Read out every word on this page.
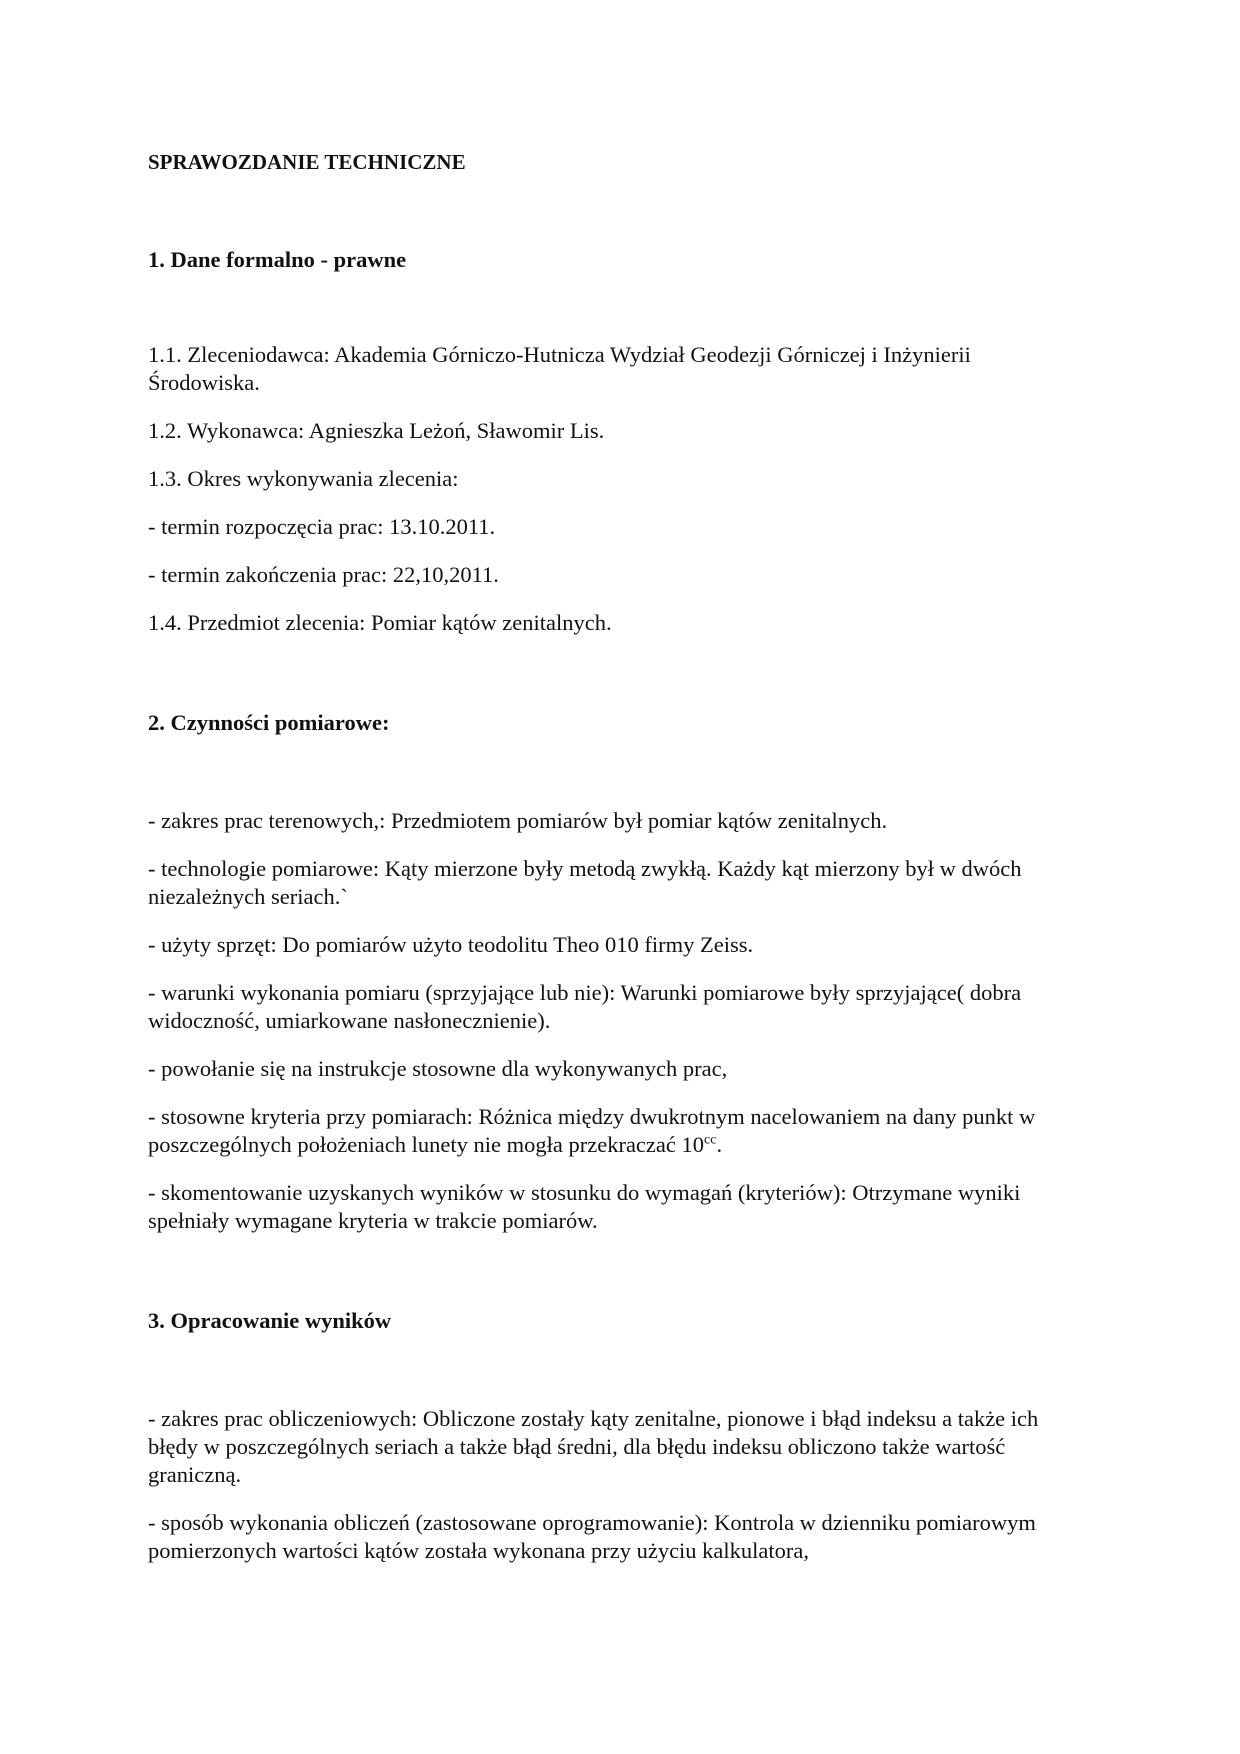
SPRAWOZDANIE TECHNICZNE
1. Dane formalno - prawne

1.1. Zleceniodawca: Akademia Górniczo-Hutnicza Wydział Geodezji Górniczej i Inżynierii Środowiska.

1.2. Wykonawca: Agnieszka Leżoń, Sławomir Lis.

1.3. Okres wykonywania zlecenia:

- termin rozpoczęcia prac: 13.10.2011.

- termin zakończenia prac: 22,10,2011.

1.4. Przedmiot zlecenia: Pomiar kątów zenitalnych.

2. Czynności pomiarowe:

- zakres prac terenowych,: Przedmiotem pomiarów był pomiar kątów zenitalnych.

- technologie pomiarowe: Kąty mierzone były metodą zwykłą. Każdy kąt mierzony był w dwóch niezależnych seriach.`

- użyty sprzęt: Do pomiarów użyto teodolitu Theo 010 firmy Zeiss.

- warunki wykonania pomiaru (sprzyjające lub nie): Warunki pomiarowe były sprzyjające( dobra widoczność, umiarkowane nasłonecznienie).

- powołanie się na instrukcje stosowne dla wykonywanych prac,

- stosowne kryteria przy pomiarach: Różnica między dwukrotnym nacelowaniem na dany punkt w poszczególnych położeniach lunety nie mogła przekraczać $10^{cc}$.

- skomentowanie uzyskanych wyników w stosunku do wymagań (kryteriów): Otrzymane wyniki spełniały wymagane kryteria w trakcie pomiarów.

3. Opracowanie wyników

- zakres prac obliczeniowych: Obliczone zostały kąty zenitalne, pionowe i błąd indeksu a także ich błędy w poszczególnych seriach a także błąd średni, dla błędu indeksu obliczono także wartość graniczną.

- sposób wykonania obliczeń (zastosowane oprogramowanie): Kontrola w dzienniku pomiarowym pomierzonych wartości kątów została wykonana przy użyciu kalkulatora,
